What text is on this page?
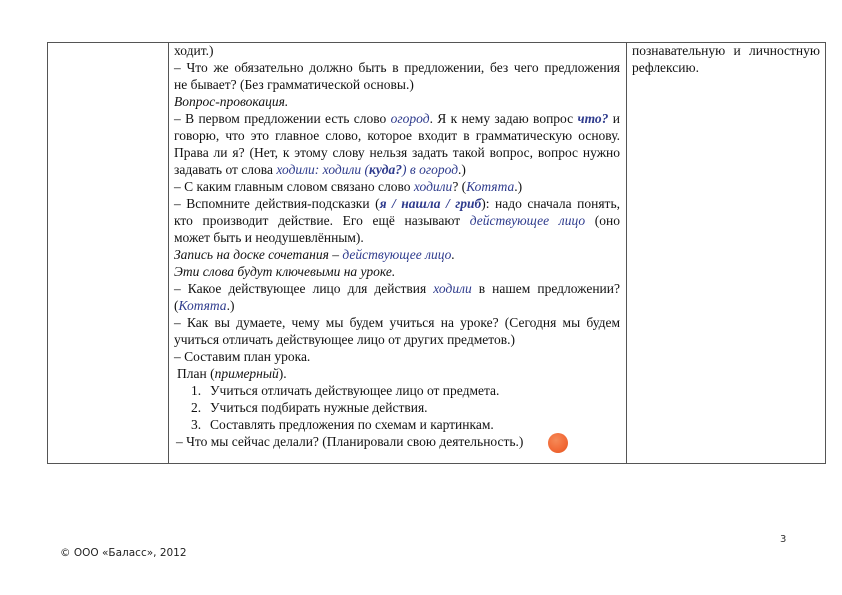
ходит.)
– Что же обязательно должно быть в предложении, без чего предложения
не бывает? (Без грамматической основы.)
Вопрос-провокация.
– В первом предложении есть слово огород. Я к нему задаю вопрос что? и
говорю, что это главное слово, которое входит в грамматическую основу.
Права ли я? (Нет, к этому слову нельзя задать такой вопрос, вопрос нужно
задавать от слова ходили: ходили (куда?) в огород.)
– С каким главным словом связано слово ходили? (Котята.)
– Вспомните действия-подсказки (я / нашла / гриб): надо сначала понять,
кто производит действие. Его ещё называют действующее лицо (оно
может быть и неодушевлённым).
Запись на доске сочетания – действующее лицо.
Эти слова будут ключевыми на уроке.
– Какое действующее лицо для действия ходили в нашем предложении?
(Котята.)
– Как вы думаете, чему мы будем учиться на уроке? (Сегодня мы будем
учиться отличать действующее лицо от других предметов.)
– Составим план урока.
План (примерный).
1. Учиться отличать действующее лицо от предмета.
2. Учиться подбирать нужные действия.
3. Составлять предложения по схемам и картинкам.
– Что мы сейчас делали? (Планировали свою деятельность.)
познавательную и личностную
рефлексию.
© ООО «Баласс», 2012
3
